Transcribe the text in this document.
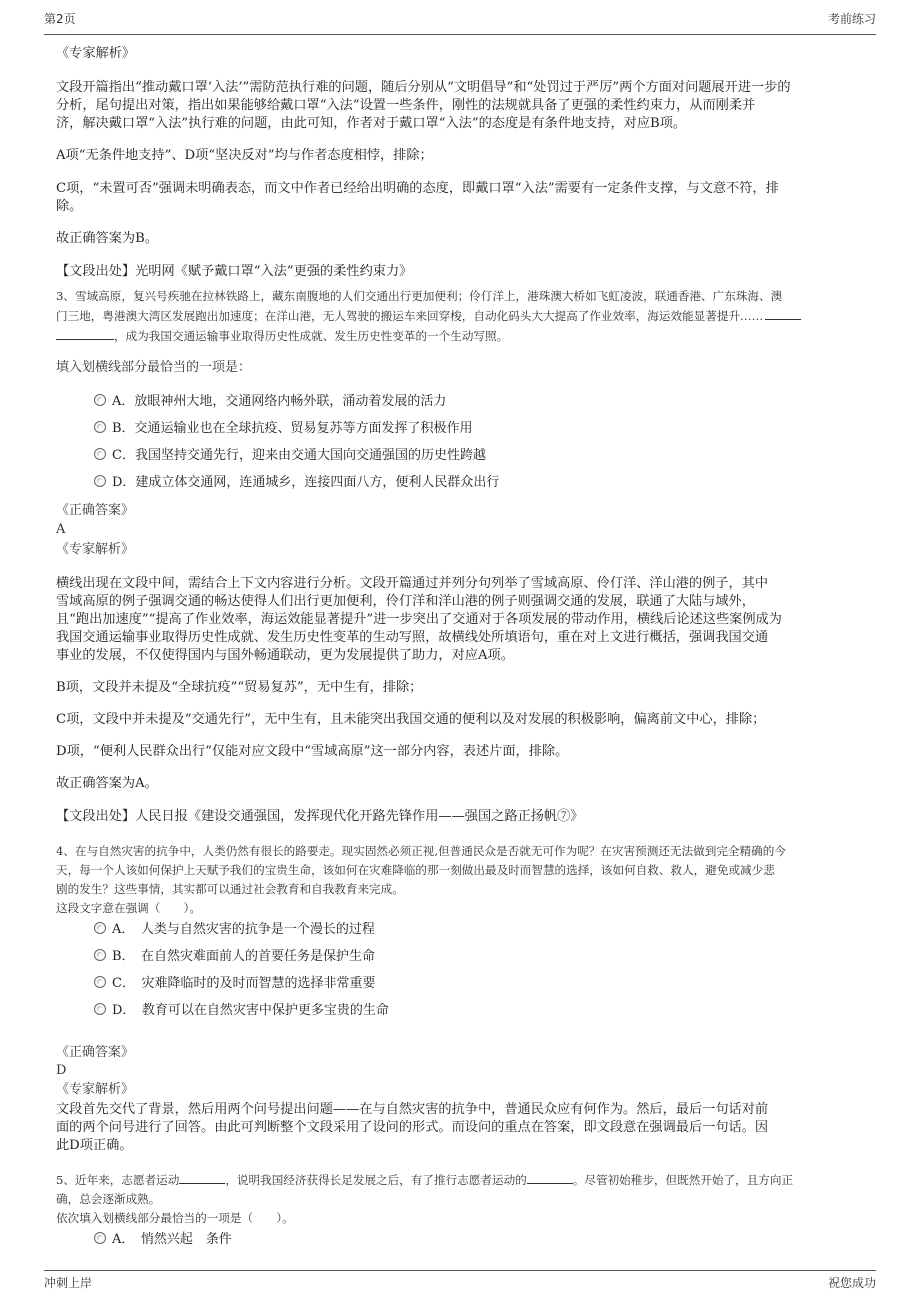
第2页	考前练习
《专家解析》
文段开篇指出“推动戴口罩‘入法’”需防范执行难的问题，随后分别从“文明倡导”和“处罚过于严厉”两个方面对问题展开进一步的
分析，尾句提出对策，指出如果能够给戴口罩“入法”设置一些条件，刚性的法规就具备了更强的柔性约束力，从而刚柔并
济，解决戴口罩“入法”执行难的问题，由此可知，作者对于戴口罩“入法”的态度是有条件地支持，对应B项。
A项“无条件地支持”、D项“坚决反对”均与作者态度相悖，排除；
C项，“未置可否”强调未明确表态，而文中作者已经给出明确的态度，即戴口罩“入法”需要有一定条件支撑，与文意不符，排
除。
故正确答案为B。
【文段出处】光明网《赋予戴口罩“入法”更强的柔性约束力》
3、雪域高原，复兴号疾驰在拉林铁路上，藏东南腹地的人们交通出行更加便利；伶仃洋上，港珠澳大桥如飞虹凌波，联通香港、广东珠海、澳
门三地，粤港澳大湾区发展跑出加速度；在洋山港，无人驾驶的搬运车来回穿梭，自动化码头大大提高了作业效率，海运效能显著提升……
，成为我国交通运输事业取得历史性成就、发生历史性变革的一个生动写照。
填入划横线部分最恰当的一项是：
A．放眼神州大地，交通网络内畅外联，涌动着发展的活力
B．交通运输业也在全球抗疫、贸易复苏等方面发挥了积极作用
C．我国坚持交通先行，迎来由交通大国向交通强国的历史性跨越
D．建成立体交通网，连通城乡，连接四面八方，便利人民群众出行
《正确答案》
A
《专家解析》
横线出现在文段中间，需结合上下文内容进行分析。文段开篇通过并列分句列举了雪域高原、伶仃洋、洋山港的例子，其中
雪域高原的例子强调交通的畅达使得人们出行更加便利，伶仃洋和洋山港的例子则强调交通的发展，联通了大陆与域外，
且“跑出加速度”“提高了作业效率，海运效能显著提升”进一步突出了交通对于各项发展的带动作用，横线后论述这些案例成为
我国交通运输事业取得历史性成就、发生历史性变革的生动写照，故横线处所填语句，重在对上文进行概括，强调我国交通
事业的发展，不仅使得国内与国外畅通联动，更为发展提供了助力，对应A项。
B项，文段并未提及“全球抗疫”“贸易复苏”，无中生有，排除；
C项，文段中并未提及“交通先行”，无中生有，且未能突出我国交通的便利以及对发展的积极影响，偏离前文中心，排除；
D项，“便利人民群众出行”仅能对应文段中“雪域高原”这一部分内容，表述片面，排除。
故正确答案为A。
【文段出处】人民日报《建设交通强国，发挥现代化开路先锋作用——强国之路正扬帆⑦》
4、在与自然灾害的抗争中，人类仍然有很长的路要走。现实固然必须正视,但普通民众是否就无可作为呢？在灾害预测还无法做到完全精确的今
天，每一个人该如何保护上天赋予我们的宝贵生命，该如何在灾难降临的那一刻做出最及时而智慧的选择，该如何自救、救人，避免或减少悲
剧的发生？这些事情，其实都可以通过社会教育和自我教育来完成。
这段文字意在强调（　　）。
A．　人类与自然灾害的抗争是一个漫长的过程
B．　在自然灾难面前人的首要任务是保护生命
C．　灾难降临时的及时而智慧的选择非常重要
D．　教育可以在自然灾害中保护更多宝贵的生命
《正确答案》
D
《专家解析》
文段首先交代了背景，然后用两个问号提出问题——在与自然灾害的抗争中，普通民众应有何作为。然后，最后一句话对前
面的两个问号进行了回答。由此可判断整个文段采用了设问的形式。而设问的重点在答案，即文段意在强调最后一句话。因
此D项正确。
5、近年来，志愿者运动	，说明我国经济获得长足发展之后，有了推行志愿者运动的	。尽管初始稚步，但既然开始了，且方向正
确，总会逐渐成熟。
依次填入划横线部分最恰当的一项是（　　）。
A．　悄然兴起　条件
冲刺上岸	祝您成功
